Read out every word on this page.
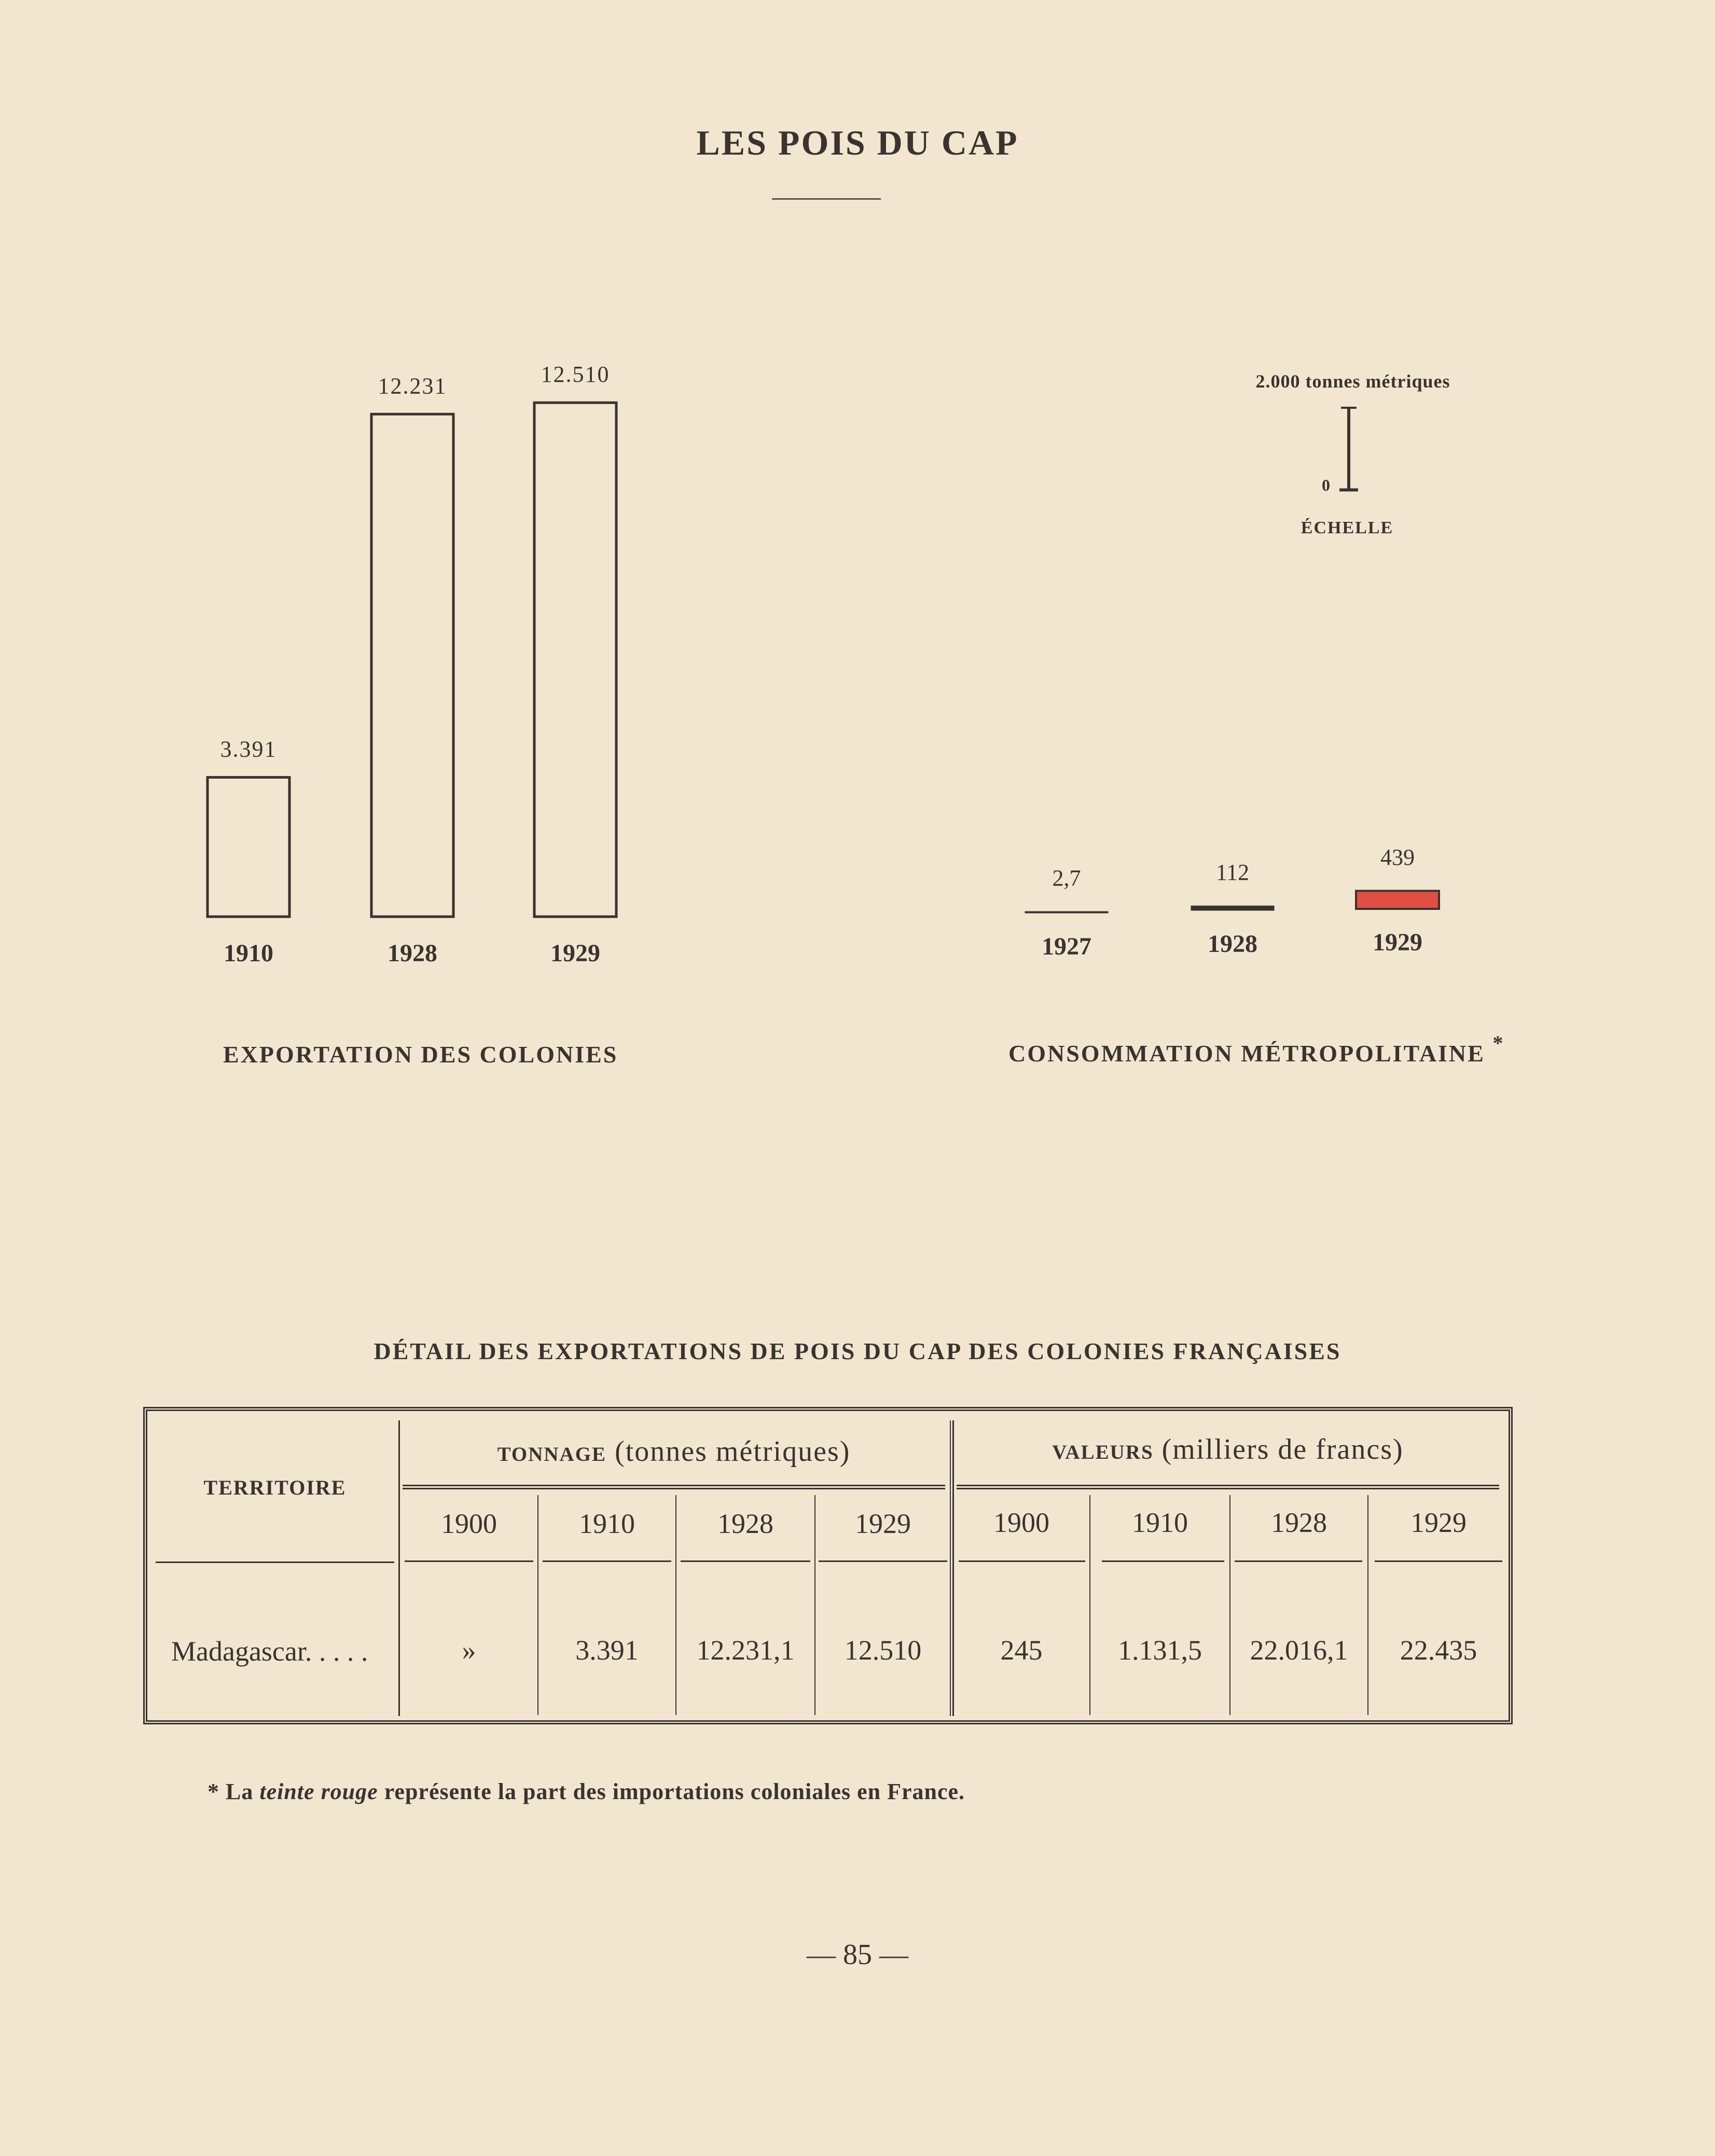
LES POIS DU CAP
3.391
1910
12.231
1928
12.510
1929
2,7
1927
112
1928
439
1929
2.000 tonnes métriques
0
ÉCHELLE
EXPORTATION DES COLONIES	CONSOMMATION MÉTROPOLITAINE *
DÉTAIL DES EXPORTATIONS DE POIS DU CAP DES COLONIES FRANÇAISES
TERRITOIRE
tonnage (tonnes métriques)	valeurs (milliers de francs)
1900	1910	1928	1929	1900	1910	1928	1929
Madagascar. . . . .	»	3.391	12.231,1	12.510	245	1.131,5	22.016,1	22.435
* La teinte rouge représente la part des importations coloniales en France.
— 85 —
